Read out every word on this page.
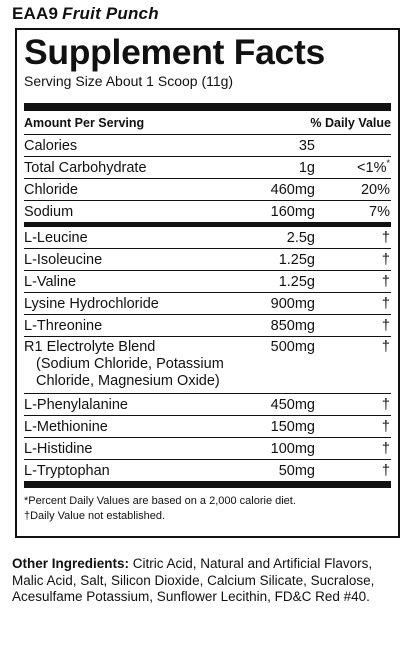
EAA9 Fruit Punch
Supplement Facts
Serving Size About 1 Scoop (11g)
Amount Per Serving	% Daily Value
Calories	35
Total Carbohydrate	1g	<1%*
Chloride	460mg	20%
Sodium	160mg	7%
L-Leucine	2.5g	†
L-Isoleucine	1.25g	†
L-Valine	1.25g	†
Lysine Hydrochloride	900mg	†
L-Threonine	850mg	†
R1 Electrolyte Blend	500mg	†
(Sodium Chloride, Potassium
Chloride, Magnesium Oxide)
L-Phenylalanine	450mg	†
L-Methionine	150mg	†
L-Histidine	100mg	†
L-Tryptophan	50mg	†
*Percent Daily Values are based on a 2,000 calorie diet.
†Daily Value not established.
Other Ingredients: Citric Acid, Natural and Artificial Flavors, Malic Acid, Salt, Silicon Dioxide, Calcium Silicate, Sucralose, Acesulfame Potassium, Sunflower Lecithin, FD&C Red #40.
